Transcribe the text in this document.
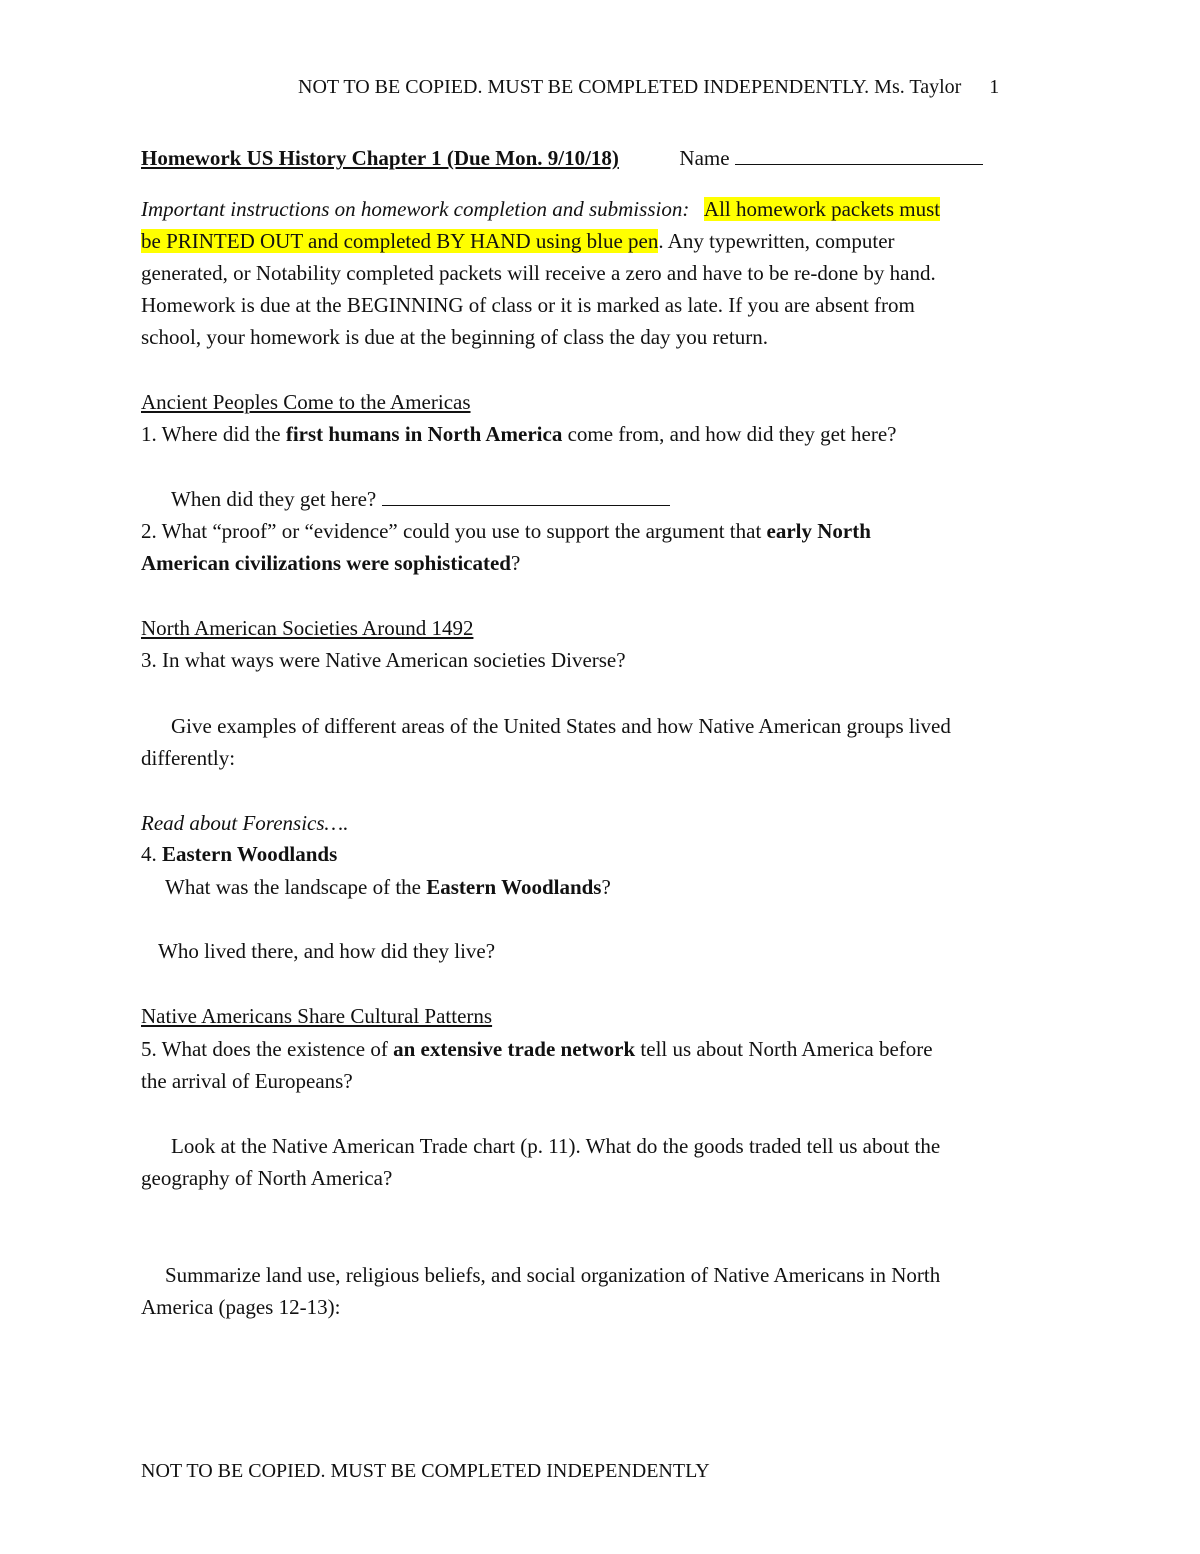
NOT TO BE COPIED. MUST BE COMPLETED INDEPENDENTLY. Ms. Taylor 1
Homework US History Chapter 1 (Due Mon. 9/10/18)	Name
Important instructions on homework completion and submission: All homework packets must
be PRINTED OUT and completed BY HAND using blue pen. Any typewritten, computer
generated, or Notability completed packets will receive a zero and have to be re-done by hand.
Homework is due at the BEGINNING of class or it is marked as late. If you are absent from
school, your homework is due at the beginning of class the day you return.
Ancient Peoples Come to the Americas
1. Where did the first humans in North America come from, and how did they get here?
When did they get here?
2. What “proof” or “evidence” could you use to support the argument that early North
American civilizations were sophisticated?
North American Societies Around 1492
3. In what ways were Native American societies Diverse?
Give examples of different areas of the United States and how Native American groups lived
differently:
Read about Forensics….
4. Eastern Woodlands
What was the landscape of the Eastern Woodlands?
Who lived there, and how did they live?
Native Americans Share Cultural Patterns
5. What does the existence of an extensive trade network tell us about North America before
the arrival of Europeans?
Look at the Native American Trade chart (p. 11). What do the goods traded tell us about the
geography of North America?
Summarize land use, religious beliefs, and social organization of Native Americans in North
America (pages 12-13):
NOT TO BE COPIED. MUST BE COMPLETED INDEPENDENTLY
